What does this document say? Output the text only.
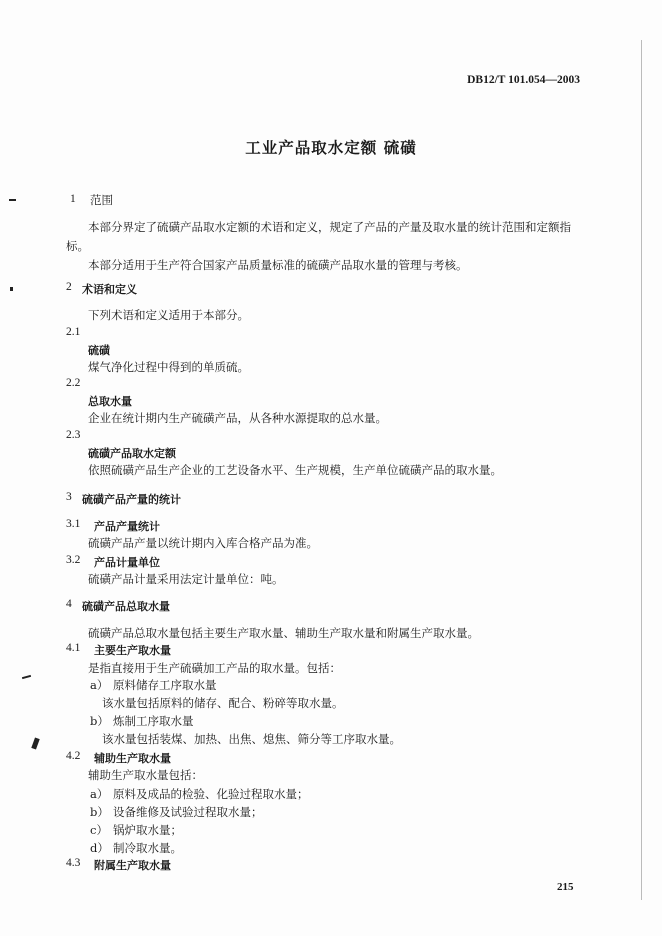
DB12/T 101.054—2003

工业产品取水定额 硫磺

1 范围

本部分界定了硫磺产品取水定额的术语和定义，规定了产品的产量及取水量的统计范围和定额指

标。

本部分适用于生产符合国家产品质量标准的硫磺产品取水量的管理与考核。

2 术语和定义

下列术语和定义适用于本部分。

2.1
硫磺

煤气净化过程中得到的单质硫。

2.2
总取水量

企业在统计期内生产硫磺产品，从各种水源提取的总水量。

2.3
硫磺产品取水定额

依照硫磺产品生产企业的工艺设备水平、生产规模，生产单位硫磺产品的取水量。

3 硫磺产品产量的统计
3.1 产品产量统计

硫磺产品产量以统计期内入库合格产品为准。

3.2 产品计量单位

硫磺产品计量采用法定计量单位：吨。

4 硫磺产品总取水量

硫磺产品总取水量包括主要生产取水量、辅助生产取水量和附属生产取水量。

4.1 主要生产取水量

是指直接用于生产硫磺加工产品的取水量。包括：

a） 原料储存工序取水量

该水量包括原料的储存、配合、粉碎等取水量。

b） 炼制工序取水量

该水量包括装煤、加热、出焦、熄焦、筛分等工序取水量。

4.2 辅助生产取水量

辅助生产取水量包括：

a） 原料及成品的检验、化验过程取水量；
b） 设备维修及试验过程取水量；
c） 锅炉取水量；
d） 制冷取水量。
4.3 附属生产取水量
215
